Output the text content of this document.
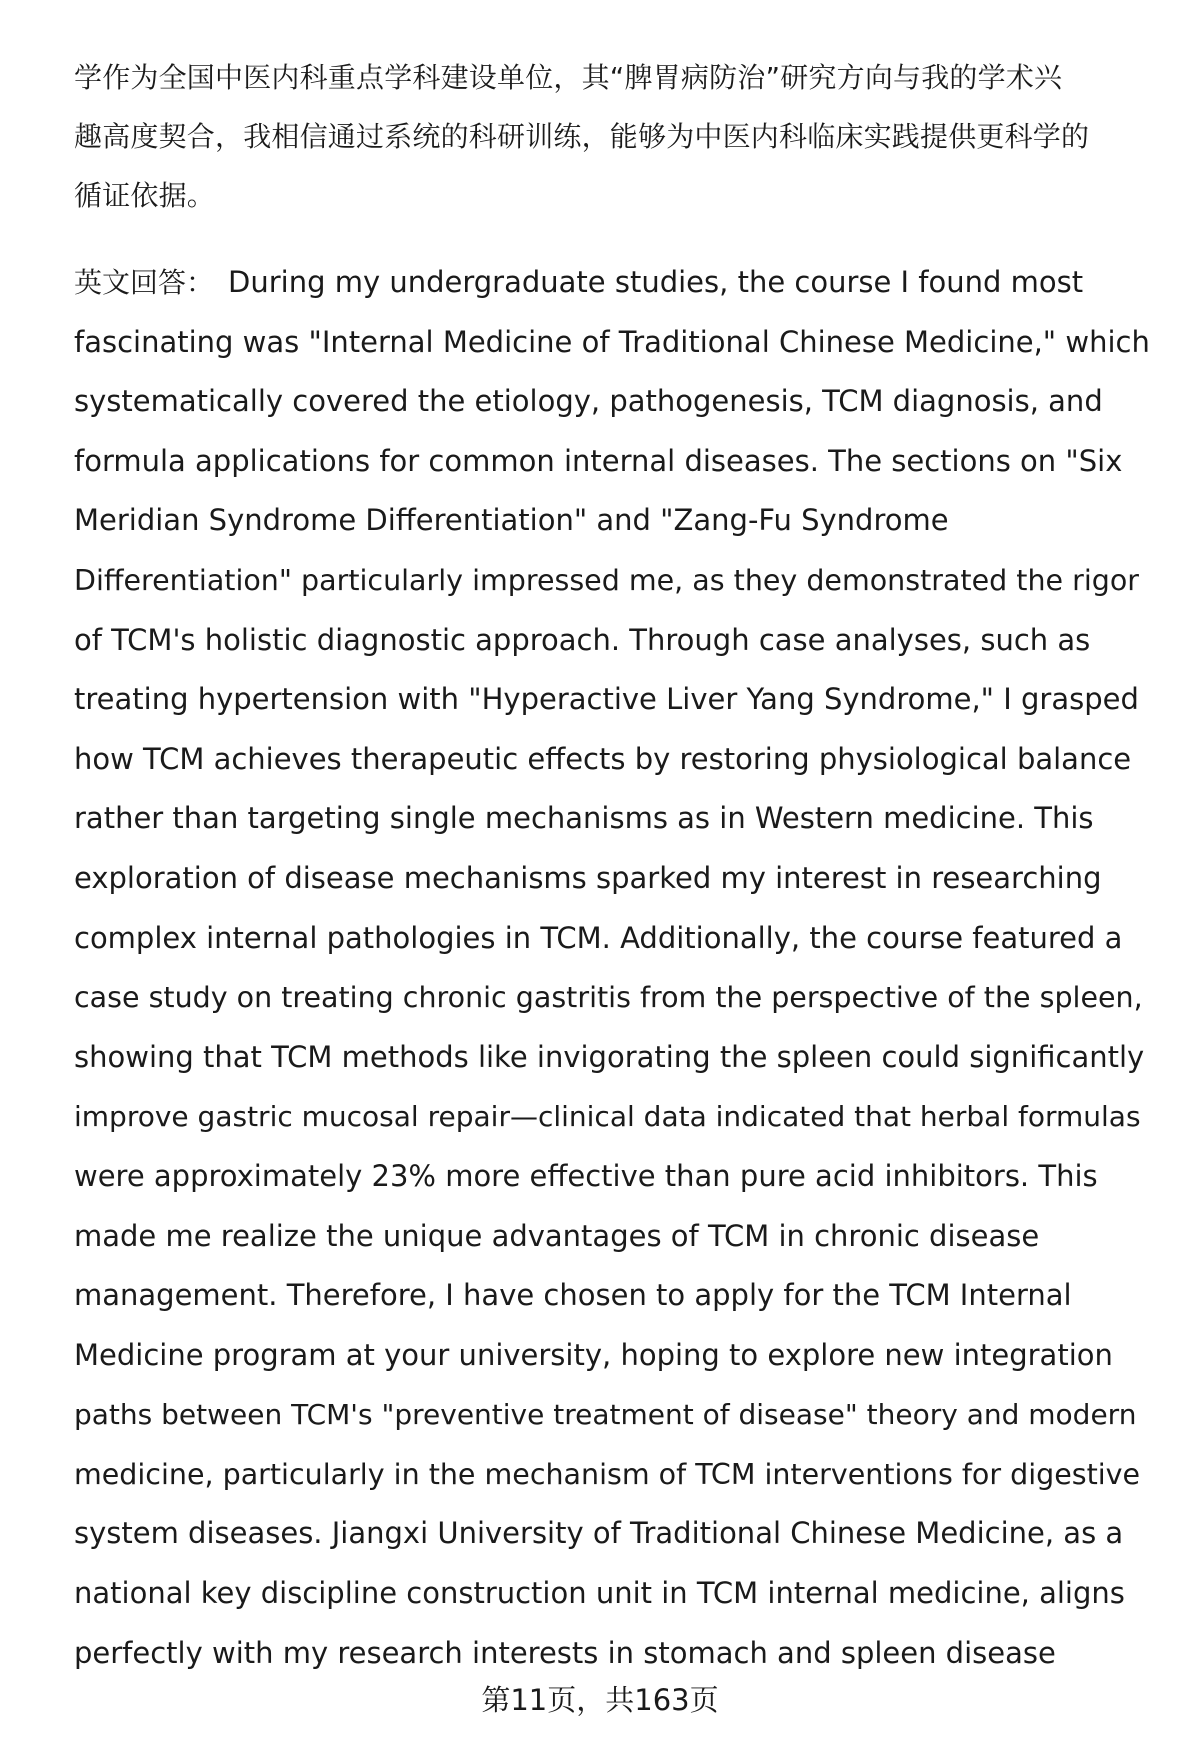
学作为全国中医内科重点学科建设单位，其“脾胃病防治”研究方向与我的学术兴
趣高度契合，我相信通过系统的科研训练，能够为中医内科临床实践提供更科学的
循证依据。

英文回答： During my undergraduate studies, the course I found most
fascinating was "Internal Medicine of Traditional Chinese Medicine," which
systematically covered the etiology, pathogenesis, TCM diagnosis, and
formula applications for common internal diseases. The sections on "Six
Meridian Syndrome Differentiation" and "Zang-Fu Syndrome
Differentiation" particularly impressed me, as they demonstrated the rigor
of TCM's holistic diagnostic approach. Through case analyses, such as
treating hypertension with "Hyperactive Liver Yang Syndrome," I grasped
how TCM achieves therapeutic effects by restoring physiological balance
rather than targeting single mechanisms as in Western medicine. This
exploration of disease mechanisms sparked my interest in researching
complex internal pathologies in TCM. Additionally, the course featured a
case study on treating chronic gastritis from the perspective of the spleen,
showing that TCM methods like invigorating the spleen could significantly
improve gastric mucosal repair—clinical data indicated that herbal formulas
were approximately 23% more effective than pure acid inhibitors. This
made me realize the unique advantages of TCM in chronic disease
management. Therefore, I have chosen to apply for the TCM Internal
Medicine program at your university, hoping to explore new integration
paths between TCM's "preventive treatment of disease" theory and modern
medicine, particularly in the mechanism of TCM interventions for digestive
system diseases. Jiangxi University of Traditional Chinese Medicine, as a
national key discipline construction unit in TCM internal medicine, aligns
perfectly with my research interests in stomach and spleen disease

第11页，共163页
